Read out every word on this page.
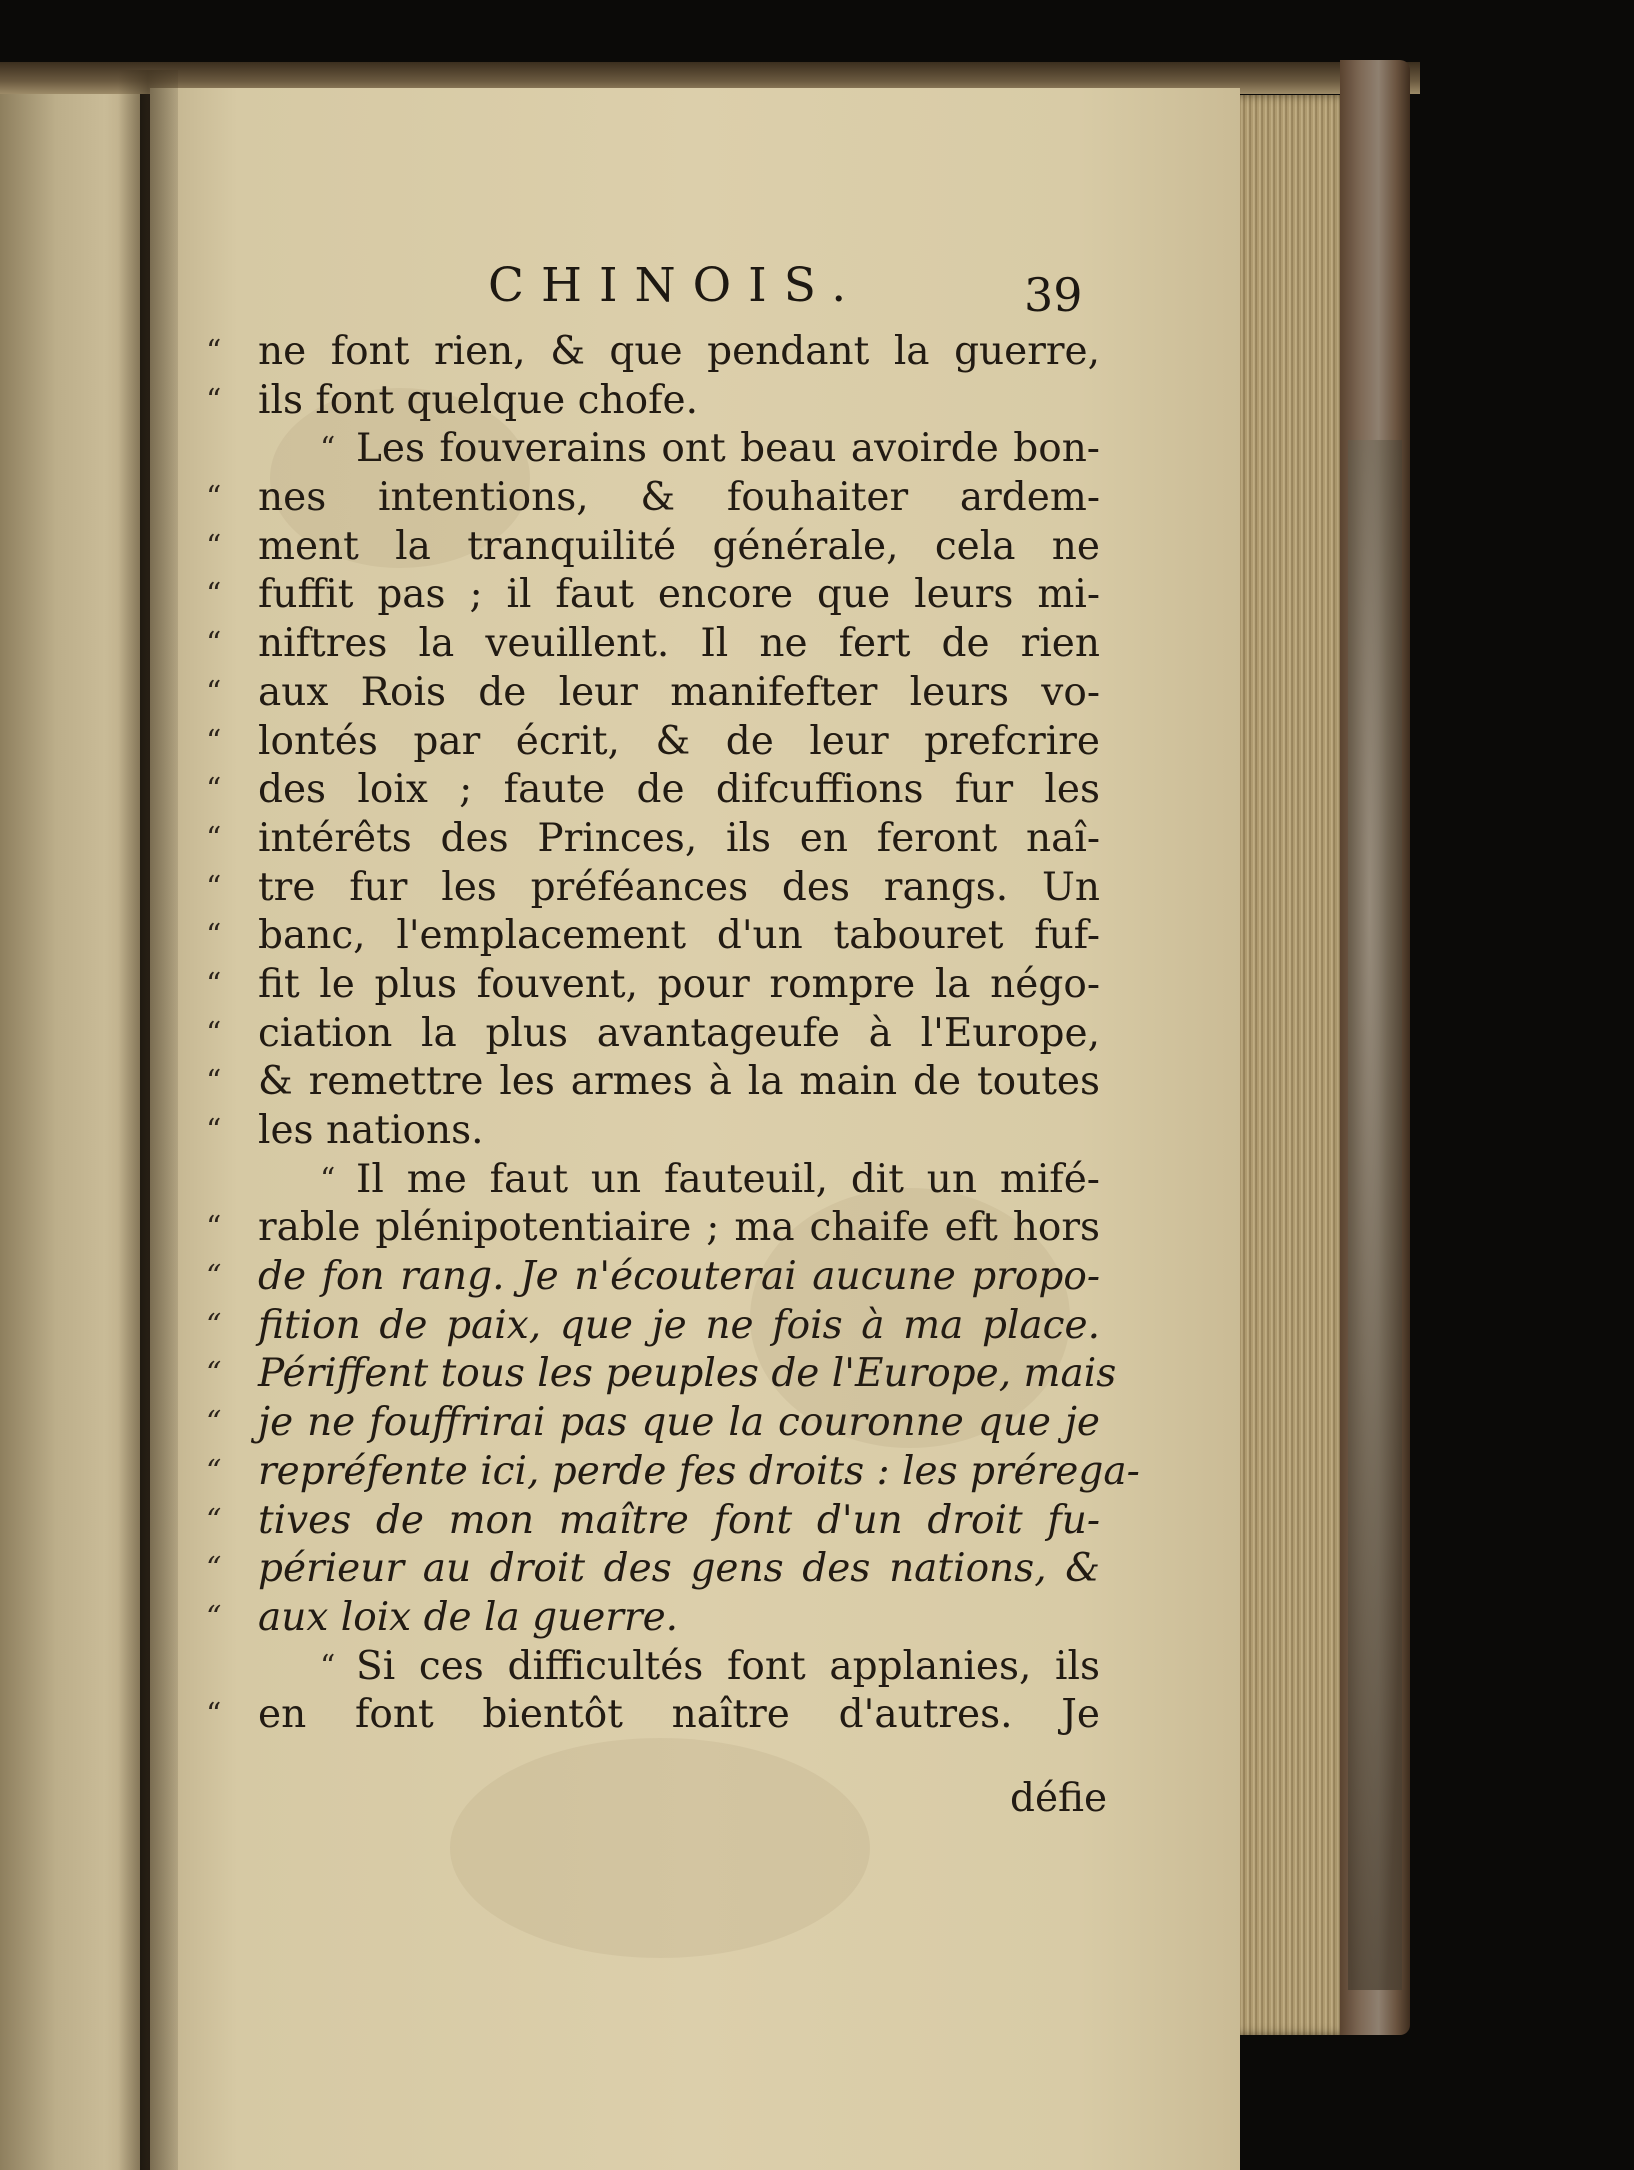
CHINOIS.	39
“ ne font rien, & que pendant la guerre,
“ ils font quelque chofe.
“ Les fouverains ont beau avoirde bon-
“ nes intentions, & fouhaiter ardem-
“ ment la tranquilité générale, cela ne
“ fuffit pas ; il faut encore que leurs mi-
“ niftres la veuillent. Il ne fert de rien
“ aux Rois de leur manifefter leurs vo-
“ lontés par écrit, & de leur prefcrire
“ des loix ; faute de difcuffions fur les
“ intérêts des Princes, ils en feront naî-
“ tre fur les préféances des rangs. Un
“ banc, l'emplacement d'un tabouret fuf-
“ fit le plus fouvent, pour rompre la négo-
“ ciation la plus avantageufe à l'Europe,
“ & remettre les armes à la main de toutes
“ les nations.
“ Il me faut un fauteuil, dit un mifé-
“ rable plénipotentiaire ; ma chaife eft hors
“ de fon rang. Je n'écouterai aucune propo-
“ fition de paix, que je ne fois à ma place.
“ Périffent tous les peuples de l'Europe, mais
“ je ne fouffrirai pas que la couronne que je
“ repréfente ici, perde fes droits : les prérega-
“ tives de mon maître font d'un droit fu-
“ périeur au droit des gens des nations, &
“ aux loix de la guerre.
“ Si ces difficultés font applanies, ils
“ en font bientôt naître d'autres. Je
défie
